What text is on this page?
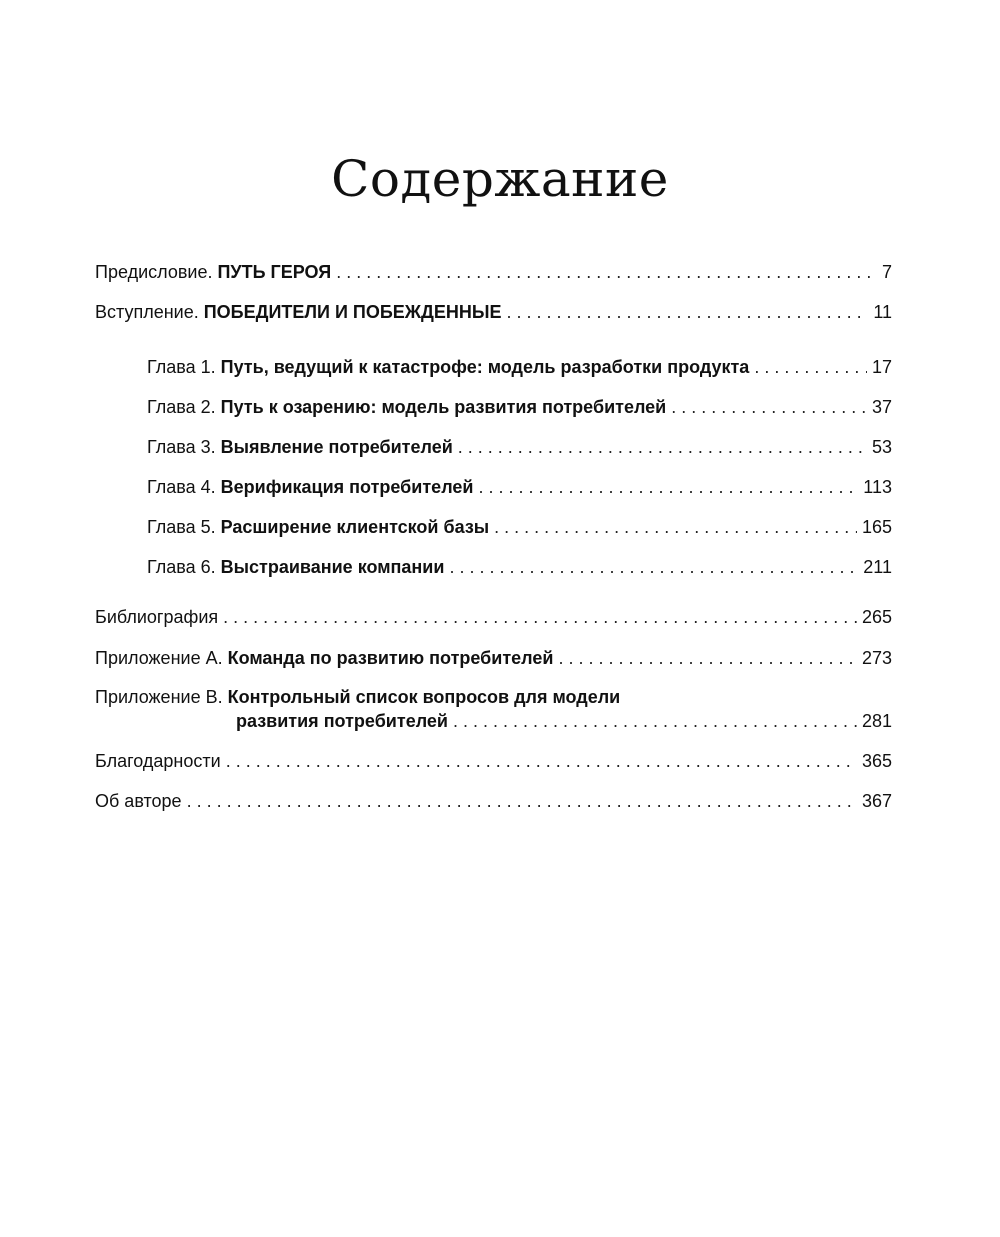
Содержание
Предисловие. ПУТЬ ГЕРОЯ . . .	7
Вступление. ПОБЕДИТЕЛИ И ПОБЕЖДЕННЫЕ . . .	11
Глава 1. Путь, ведущий к катастрофе: модель разработки продукта . . .	17
Глава 2. Путь к озарению: модель развития потребителей . . .	37
Глава 3. Выявление потребителей . . .	53
Глава 4. Верификация потребителей . . .	113
Глава 5. Расширение клиентской базы . . .	165
Глава 6. Выстраивание компании . . .	211
Библиография . . .	265
Приложение А. Команда по развитию потребителей . . .	273
Приложение В. Контрольный список вопросов для модели
развития потребителей . . .	281
Благодарности . . .	365
Об авторе . . .	367
